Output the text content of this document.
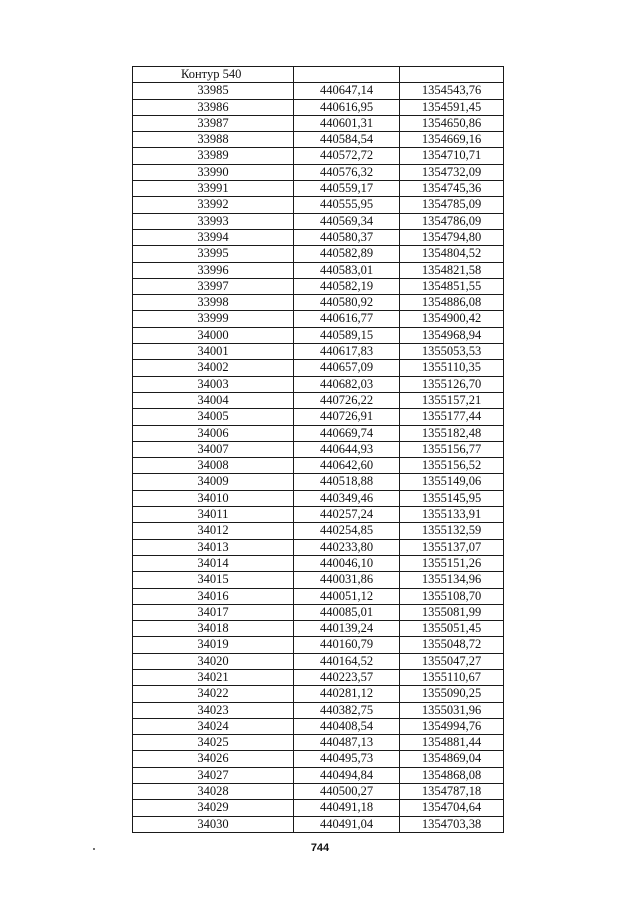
Контур 540		
33985	440647,14	1354543,76
33986	440616,95	1354591,45
33987	440601,31	1354650,86
33988	440584,54	1354669,16
33989	440572,72	1354710,71
33990	440576,32	1354732,09
33991	440559,17	1354745,36
33992	440555,95	1354785,09
33993	440569,34	1354786,09
33994	440580,37	1354794,80
33995	440582,89	1354804,52
33996	440583,01	1354821,58
33997	440582,19	1354851,55
33998	440580,92	1354886,08
33999	440616,77	1354900,42
34000	440589,15	1354968,94
34001	440617,83	1355053,53
34002	440657,09	1355110,35
34003	440682,03	1355126,70
34004	440726,22	1355157,21
34005	440726,91	1355177,44
34006	440669,74	1355182,48
34007	440644,93	1355156,77
34008	440642,60	1355156,52
34009	440518,88	1355149,06
34010	440349,46	1355145,95
34011	440257,24	1355133,91
34012	440254,85	1355132,59
34013	440233,80	1355137,07
34014	440046,10	1355151,26
34015	440031,86	1355134,96
34016	440051,12	1355108,70
34017	440085,01	1355081,99
34018	440139,24	1355051,45
34019	440160,79	1355048,72
34020	440164,52	1355047,27
34021	440223,57	1355110,67
34022	440281,12	1355090,25
34023	440382,75	1355031,96
34024	440408,54	1354994,76
34025	440487,13	1354881,44
34026	440495,73	1354869,04
34027	440494,84	1354868,08
34028	440500,27	1354787,18
34029	440491,18	1354704,64
34030	440491,04	1354703,38
744
